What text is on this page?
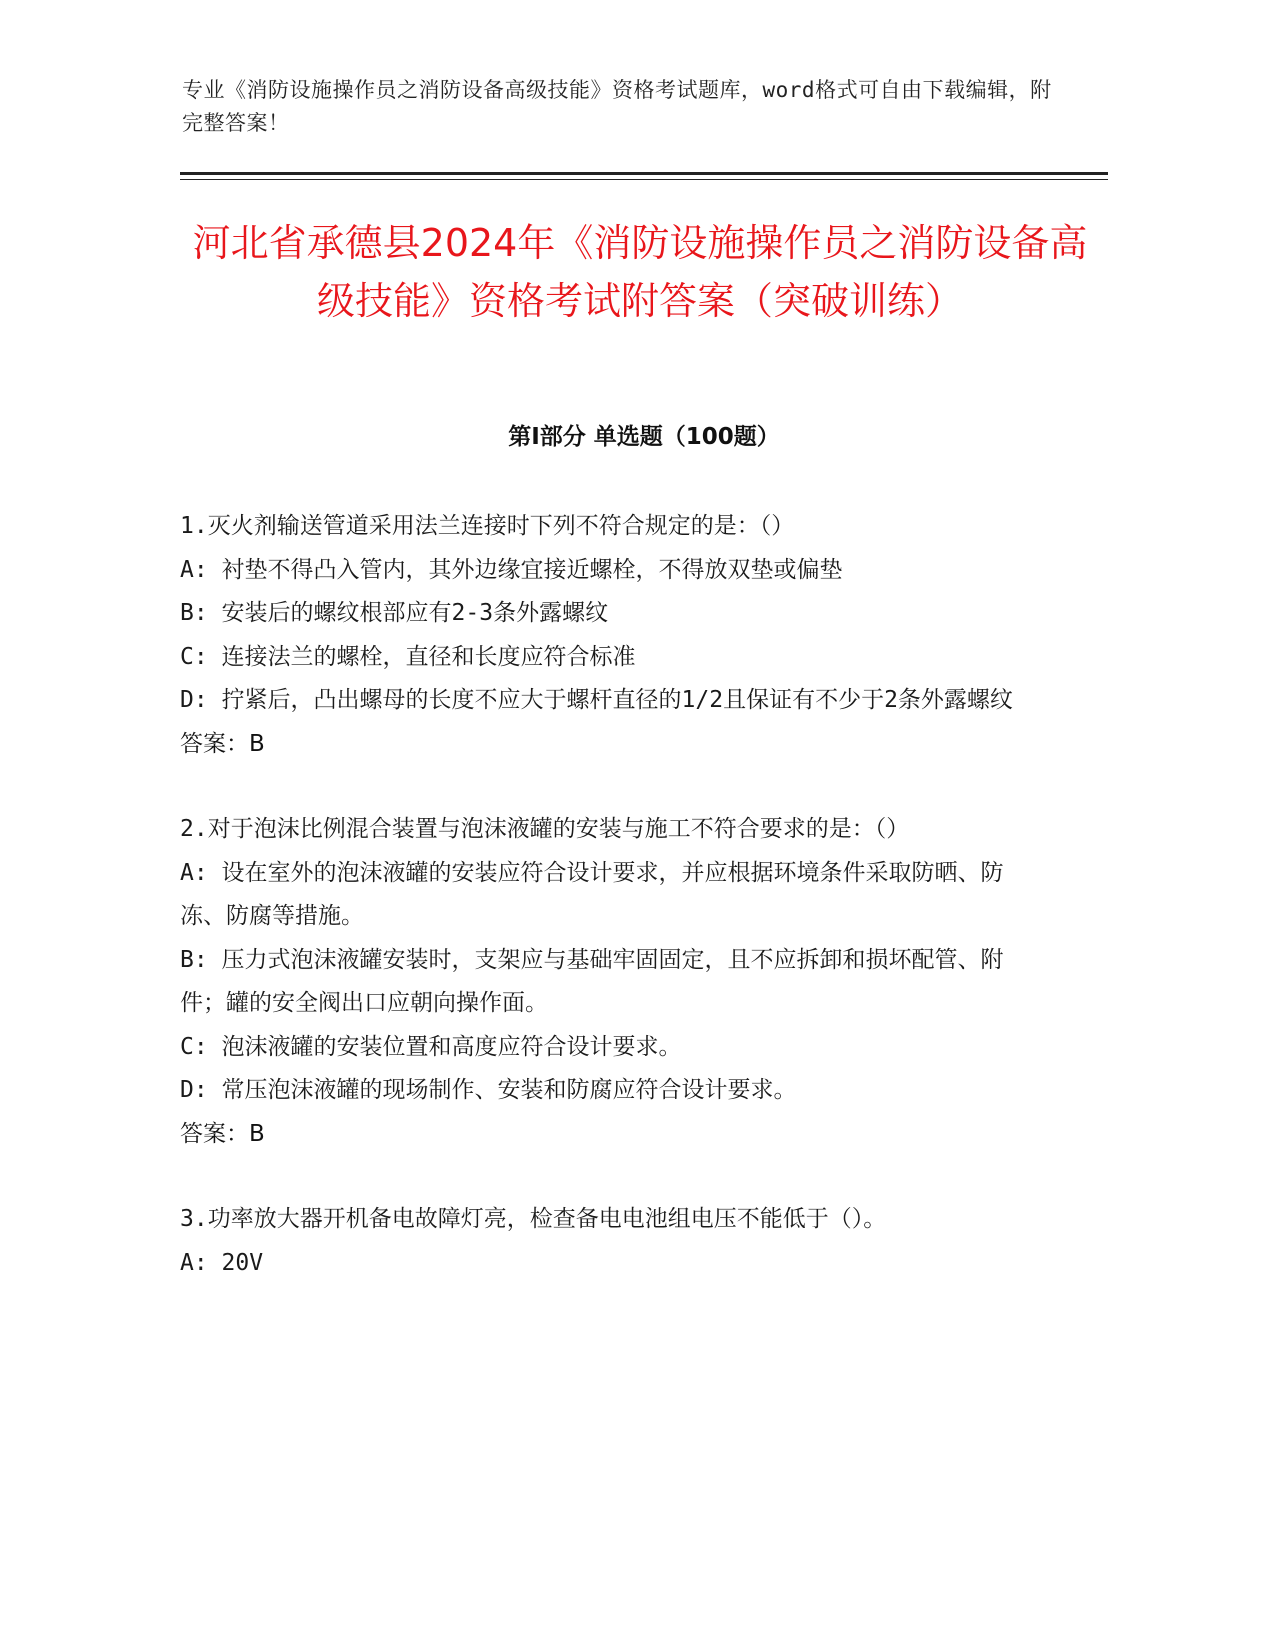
专业《消防设施操作员之消防设备高级技能》资格考试题库，word格式可自由下载编辑，附完整答案！
河北省承德县2024年《消防设施操作员之消防设备高级技能》资格考试附答案（突破训练）
第I部分 单选题（100题）

1.灭火剂输送管道采用法兰连接时下列不符合规定的是：（）

A: 衬垫不得凸入管内，其外边缘宜接近螺栓，不得放双垫或偏垫

B: 安装后的螺纹根部应有2-3条外露螺纹

C: 连接法兰的螺栓，直径和长度应符合标准

D: 拧紧后，凸出螺母的长度不应大于螺杆直径的1/2且保证有不少于2条外露螺纹

答案：B

2.对于泡沫比例混合装置与泡沫液罐的安装与施工不符合要求的是：（）

A: 设在室外的泡沫液罐的安装应符合设计要求，并应根据环境条件采取防晒、防冻、防腐等措施。

B: 压力式泡沫液罐安装时，支架应与基础牢固固定，且不应拆卸和损坏配管、附件；罐的安全阀出口应朝向操作面。

C: 泡沫液罐的安装位置和高度应符合设计要求。

D: 常压泡沫液罐的现场制作、安装和防腐应符合设计要求。

答案：B

3.功率放大器开机备电故障灯亮，检查备电电池组电压不能低于（）。

A: 20V
